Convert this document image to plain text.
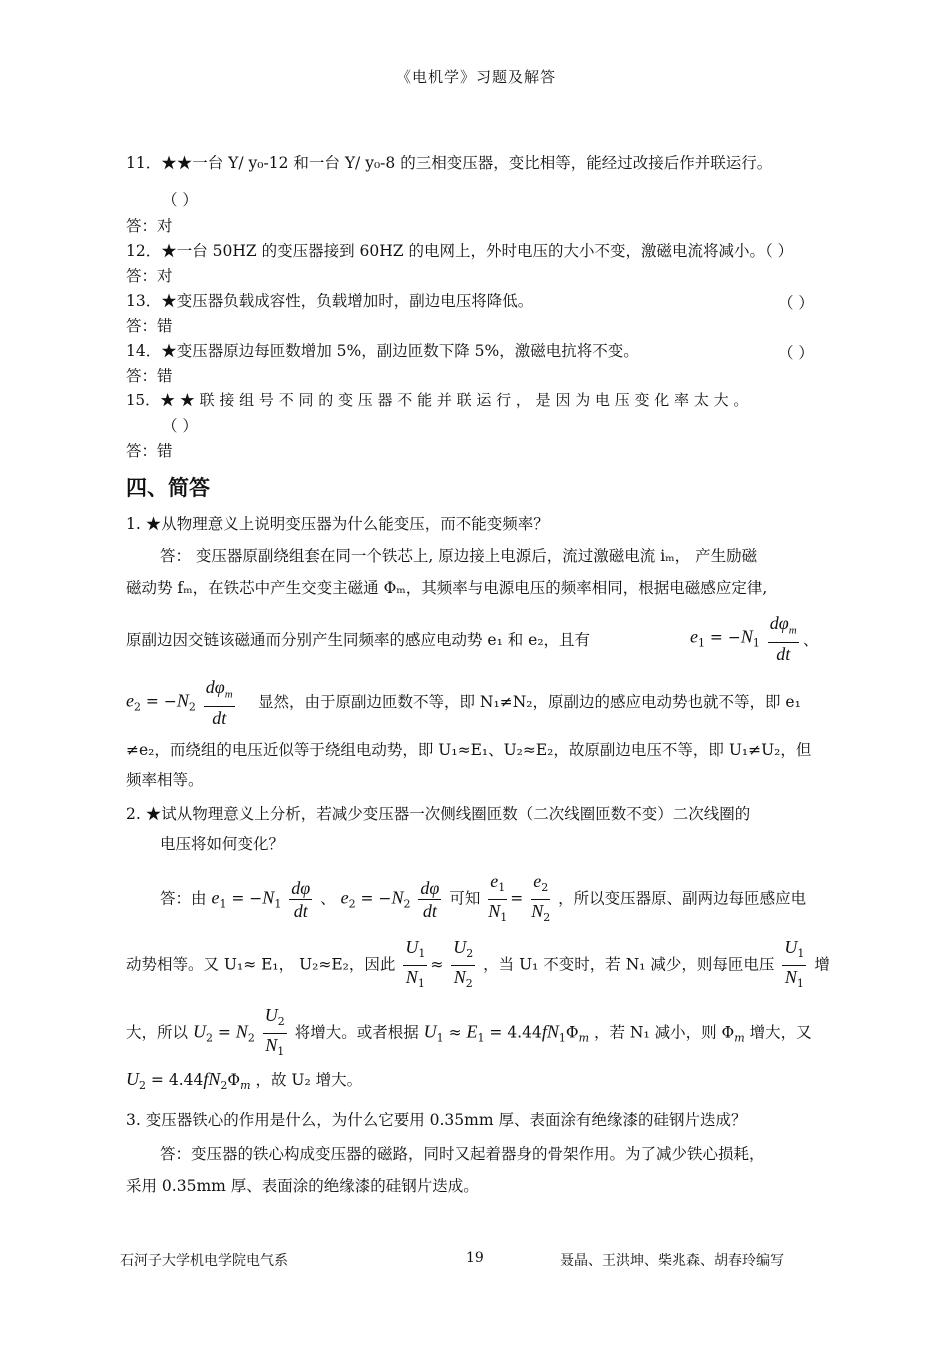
《电机学》习题及解答
11．★★一台 Y/ y₀-12 和一台 Y/ y₀-8 的三相变压器，变比相等，能经过改接后作并联运行。
（ ）
答：对
12．★一台 50HZ 的变压器接到 60HZ 的电网上，外时电压的大小不变，激磁电流将减小。（ ）
答：对
13．★变压器负载成容性，负载增加时，副边电压将降低。	（ ）
答：错
14．★变压器原边每匝数增加 5%，副边匝数下降 5%，激磁电抗将不变。	（ ）
答：错
15．★ ★ 联 接 组 号 不 同 的 变 压 器 不 能 并 联 运 行 ， 是 因 为 电 压 变 化 率 太 大 。
（ ）
答：错
四、简答
1. ★从物理意义上说明变压器为什么能变压，而不能变频率？
答： 变压器原副绕组套在同一个铁芯上, 原边接上电源后，流过激磁电流 iₘ， 产生励磁
磁动势 fₘ，在铁芯中产生交变主磁通 Φₘ，其频率与电源电压的频率相同，根据电磁感应定律,
原副边因交链该磁通而分别产生同频率的感应电动势 e₁ 和 e₂，且有	$e_1 = -N_1 \frac{d\varphi_m}{dt}$ 、
$e_2 = -N_2 \frac{d\varphi_m}{dt}$ 显然，由于原副边匝数不等，即 N₁≠N₂，原副边的感应电动势也就不等，即 e₁
≠e₂，而绕组的电压近似等于绕组电动势，即 U₁≈E₁、U₂≈E₂，故原副边电压不等，即 U₁≠U₂，但
频率相等。
2. ★试从物理意义上分析，若减少变压器一次侧线圈匝数（二次线圈匝数不变）二次线圈的
电压将如何变化？
答：由 $e_1 = -N_1 \frac{d\varphi}{dt}$ 、 $e_2 = -N_2 \frac{d\varphi}{dt}$ 可知 $\frac{e_1}{N_1} = \frac{e_2}{N_2}$ ，所以变压器原、副两边每匝感应电
动势相等。又 U₁≈ E₁， U₂≈E₂，因此 $\frac{U_1}{N_1} \approx \frac{U_2}{N_2}$ ，当 U₁ 不变时，若 N₁ 减少，则每匝电压 $\frac{U_1}{N_1}$ 增
大，所以 $U_2 = N_2 \frac{U_2}{N_1}$ 将增大。或者根据 $U_1 \approx E_1 = 4.44fN_1\Phi_m$ ，若 N₁ 减小，则 $\Phi_m$ 增大，又
$U_2 = 4.44fN_2\Phi_m$ ，故 U₂ 增大。
3. 变压器铁心的作用是什么，为什么它要用 0.35mm 厚、表面涂有绝缘漆的硅钢片迭成？
答：变压器的铁心构成变压器的磁路，同时又起着器身的骨架作用。为了减少铁心损耗，
采用 0.35mm 厚、表面涂的绝缘漆的硅钢片迭成。
石河子大学机电学院电气系	19	聂晶、王洪坤、柴兆森、胡春玲编写
